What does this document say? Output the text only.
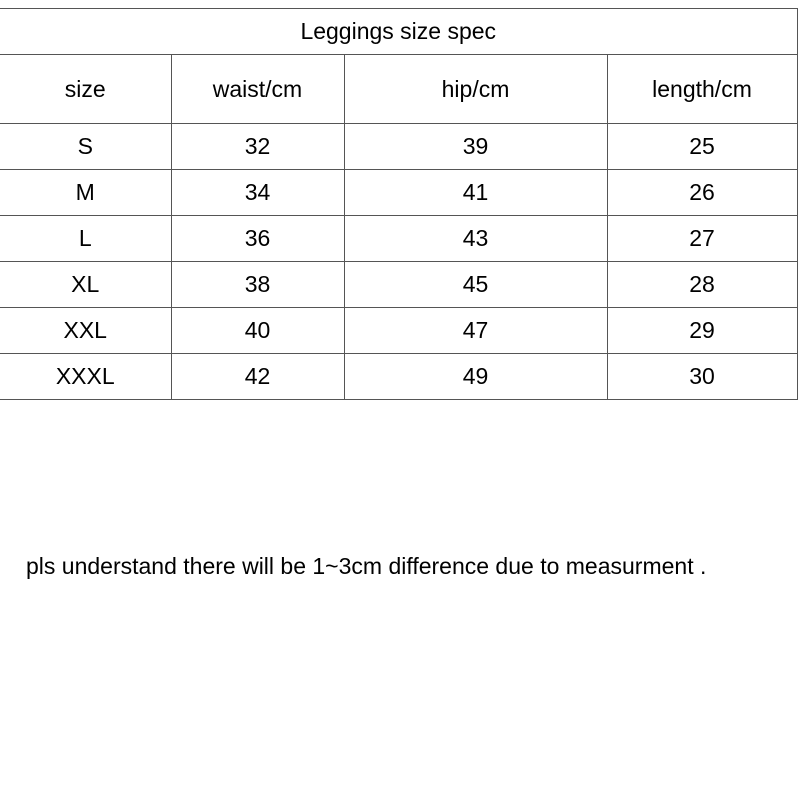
Leggings size spec			
size	waist/cm	hip/cm	length/cm
S	32	39	25
M	34	41	26
L	36	43	27
XL	38	45	28
XXL	40	47	29
XXXL	42	49	30
pls understand there will be 1~3cm difference due to measurment .
